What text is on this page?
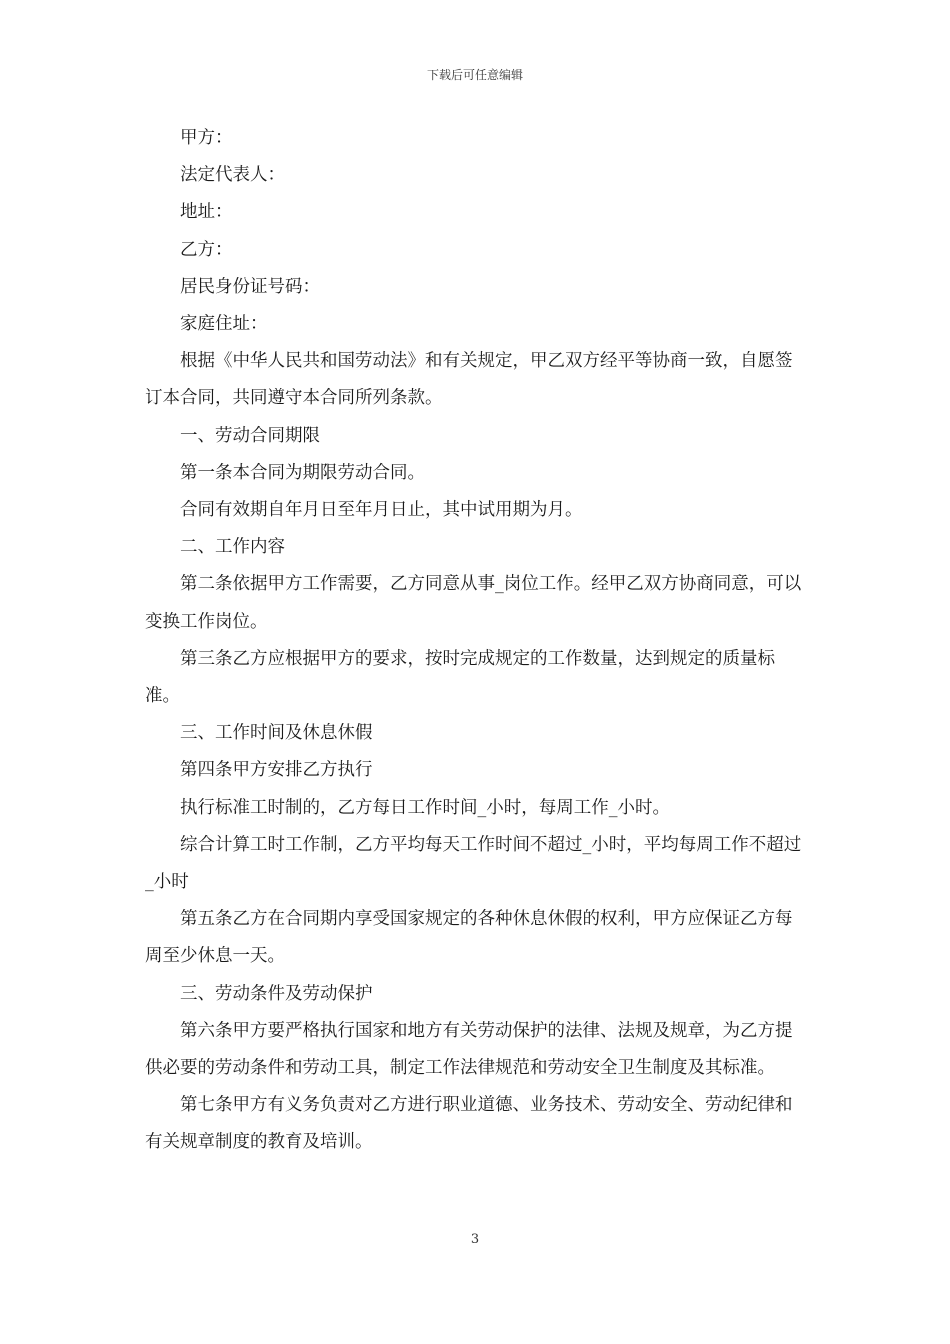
下载后可任意编辑

甲方：

法定代表人：

地址：

乙方：

居民身份证号码：

家庭住址：

根据《中华人民共和国劳动法》和有关规定，甲乙双方经平等协商一致，自愿签订本合同，共同遵守本合同所列条款。

一、劳动合同期限

第一条本合同为期限劳动合同。

合同有效期自年月日至年月日止，其中试用期为月。

二、工作内容

第二条依据甲方工作需要，乙方同意从事_岗位工作。经甲乙双方协商同意，可以变换工作岗位。

第三条乙方应根据甲方的要求，按时完成规定的工作数量，达到规定的质量标准。

三、工作时间及休息休假

第四条甲方安排乙方执行

执行标准工时制的，乙方每日工作时间_小时，每周工作_小时。

综合计算工时工作制，乙方平均每天工作时间不超过_小时，平均每周工作不超过_小时

第五条乙方在合同期内享受国家规定的各种休息休假的权利，甲方应保证乙方每周至少休息一天。

三、劳动条件及劳动保护

第六条甲方要严格执行国家和地方有关劳动保护的法律、法规及规章，为乙方提供必要的劳动条件和劳动工具，制定工作法律规范和劳动安全卫生制度及其标准。

第七条甲方有义务负责对乙方进行职业道德、业务技术、劳动安全、劳动纪律和有关规章制度的教育及培训。

3
